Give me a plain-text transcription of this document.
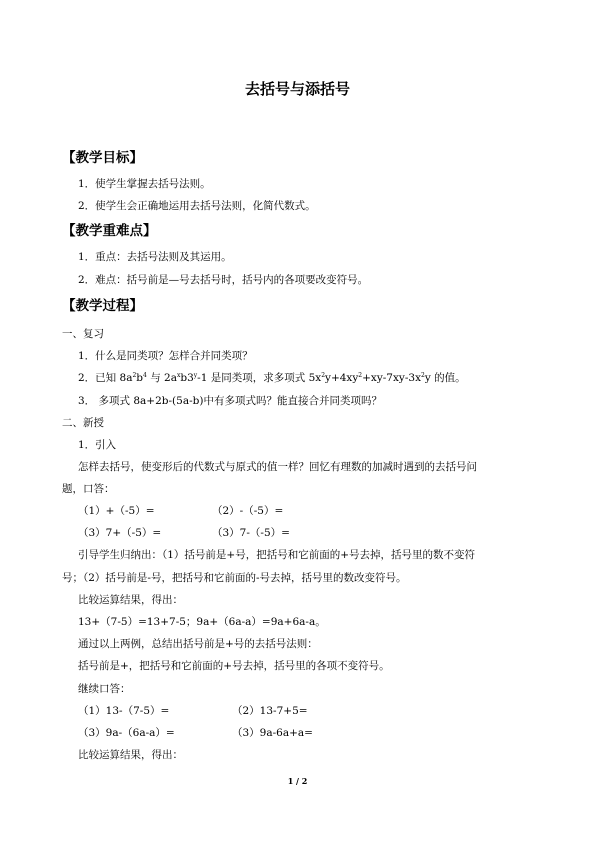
去括号与添括号
【教学目标】
1．使学生掌握去括号法则。
2．使学生会正确地运用去括号法则，化简代数式。
【教学重难点】
1．重点：去括号法则及其运用。
2．难点：括号前是—号去括号时，括号内的各项要改变符号。
【教学过程】
一、复习
1．什么是同类项？怎样合并同类项？
2．已知 $8a^2b^4$ 与 $2a^xb3^y-1$ 是同类项，求多项式 $5x^2y+4xy^2+xy-7xy-3x^2y$ 的值。
3． 多项式 8a+2b-(5a-b)中有多项式吗？能直接合并同类项吗？
二、新授
1．引入
怎样去括号，使变形后的代数式与原式的值一样？回忆有理数的加减时遇到的去括号问
题，口答：
（1）+（-5）=	（2）-（-5）=
（3）7+（-5）=	（3）7-（-5）=
引导学生归纳出：（1）括号前是+号，把括号和它前面的+号去掉，括号里的数不变符
号；（2）括号前是-号，把括号和它前面的-号去掉，括号里的数改变符号。
比较运算结果，得出：
13+（7-5）=13+7-5；9a+（6a-a）=9a+6a-a。
通过以上两例，总结出括号前是+号的去括号法则：
括号前是+，把括号和它前面的+号去掉，括号里的各项不变符号。
继续口答：
（1）13-（7-5）=	（2）13-7+5=
（3）9a-（6a-a）=	（3）9a-6a+a=
比较运算结果，得出：
1 / 2
